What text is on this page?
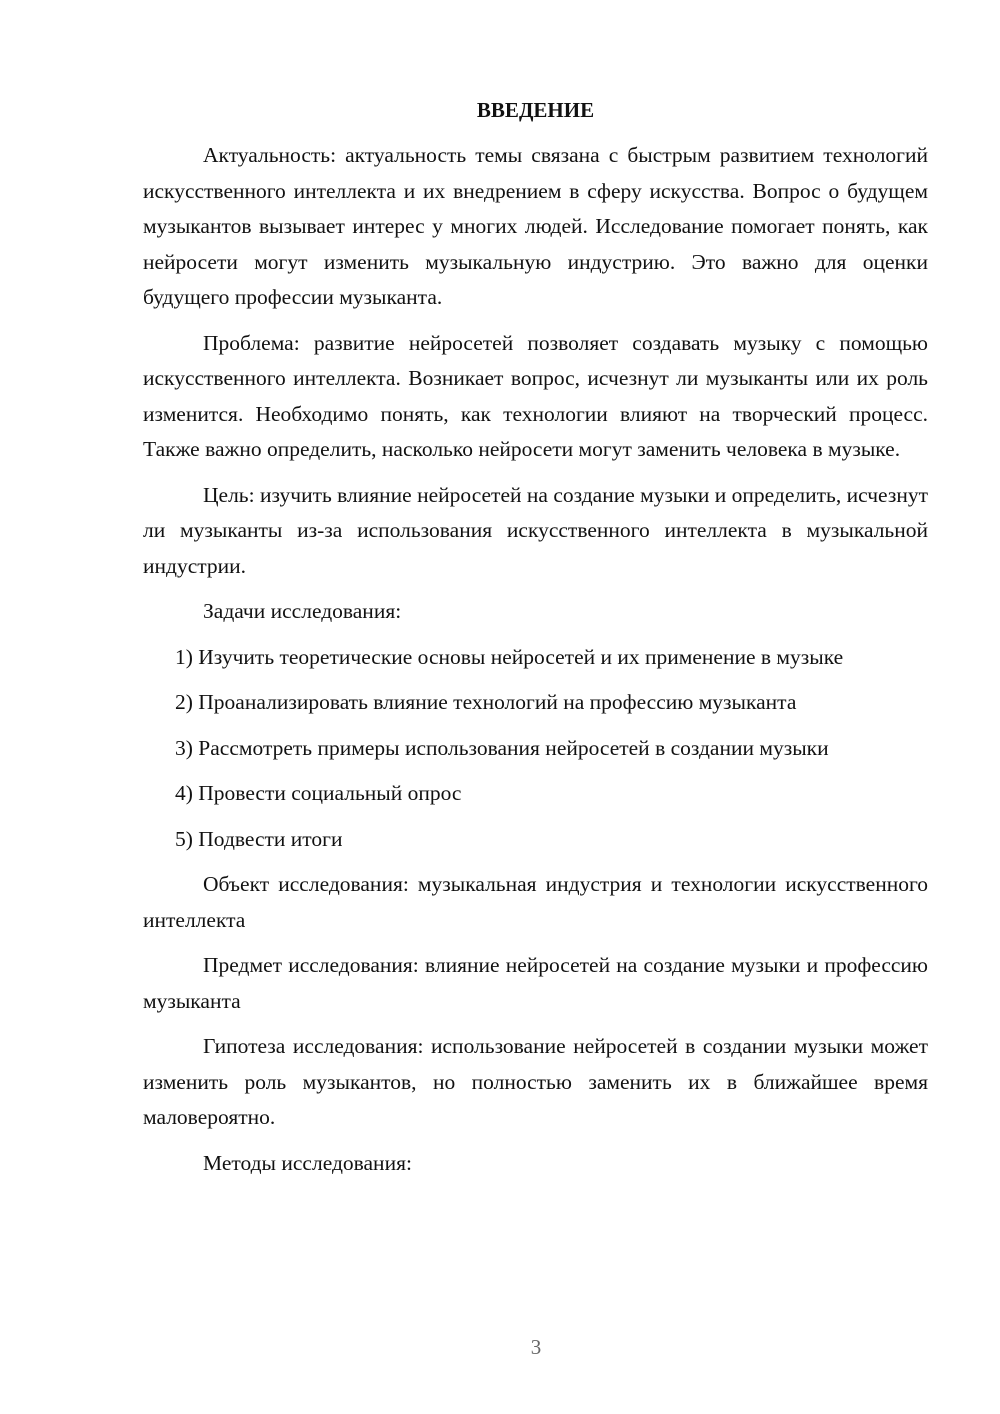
ВВЕДЕНИЕ

Актуальность: актуальность темы связана с быстрым развитием технологий искусственного интеллекта и их внедрением в сферу искусства. Вопрос о будущем музыкантов вызывает интерес у многих людей. Исследование помогает понять, как нейросети могут изменить музыкальную индустрию. Это важно для оценки будущего профессии музыканта.

Проблема: развитие нейросетей позволяет создавать музыку с помощью искусственного интеллекта. Возникает вопрос, исчезнут ли музыканты или их роль изменится. Необходимо понять, как технологии влияют на творческий процесс. Также важно определить, насколько нейросети могут заменить человека в музыке.

Цель: изучить влияние нейросетей на создание музыки и определить, исчезнут ли музыканты из-за использования искусственного интеллекта в музыкальной индустрии.

Задачи исследования:

1) Изучить теоретические основы нейросетей и их применение в музыке

2) Проанализировать влияние технологий на профессию музыканта

3) Рассмотреть примеры использования нейросетей в создании музыки

4) Провести социальный опрос

5) Подвести итоги

Объект исследования: музыкальная индустрия и технологии искусственного интеллекта

Предмет исследования: влияние нейросетей на создание музыки и профессию музыканта

Гипотеза исследования: использование нейросетей в создании музыки может изменить роль музыкантов, но полностью заменить их в ближайшее время маловероятно.

Методы исследования:

3
